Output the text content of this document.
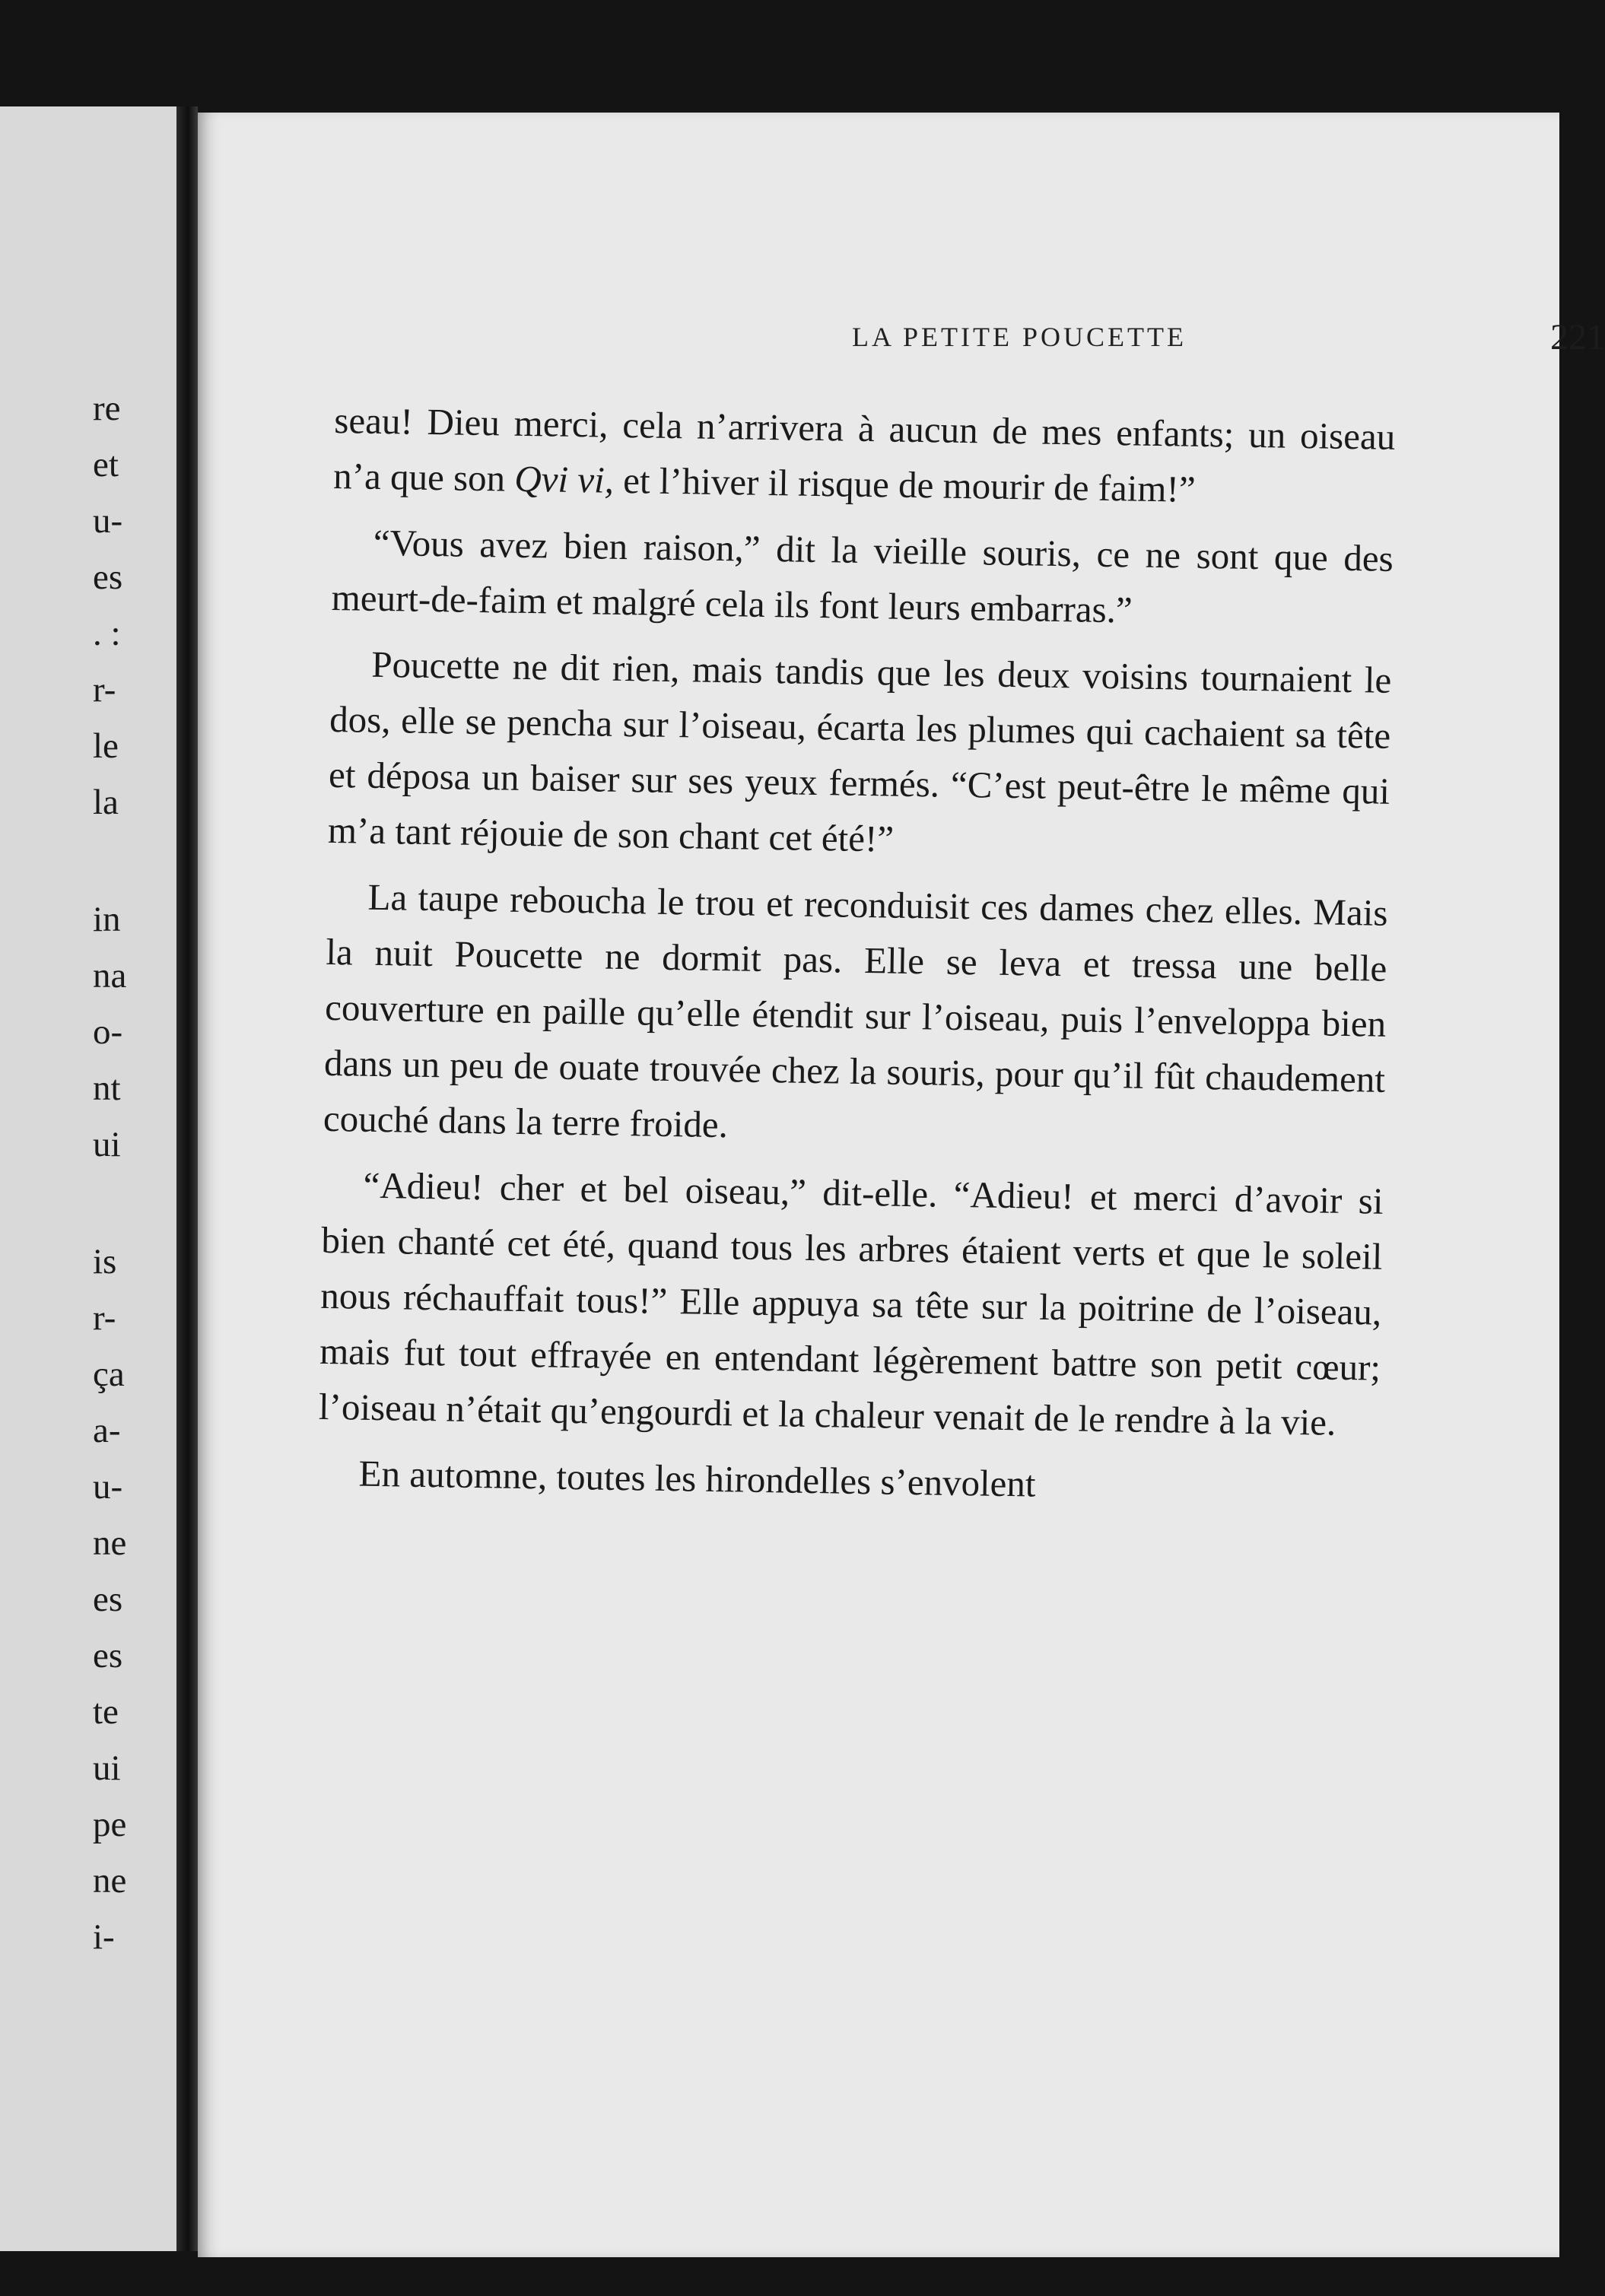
re
et
u-
es
. :
r-
le
la
in
na
o-
nt
ui
is
r-
ça
a-
u-
ne
es
es
te
ui
pe
ne
i-
LA PETITE POUCETTE	221

seau! Dieu merci, cela n’arrivera à aucun de mes enfants; un oiseau n’a que son Qvi vi, et l’hiver il risque de mourir de faim!”

“Vous avez bien raison,” dit la vieille souris, ce ne sont que des meurt-de-faim et malgré cela ils font leurs embarras.”

Poucette ne dit rien, mais tandis que les deux voisins tournaient le dos, elle se pencha sur l’oiseau, écarta les plumes qui cachaient sa tête et déposa un baiser sur ses yeux fermés. “C’est peut-être le même qui m’a tant réjouie de son chant cet été!”

La taupe reboucha le trou et reconduisit ces dames chez elles. Mais la nuit Poucette ne dormit pas. Elle se leva et tressa une belle couverture en paille qu’elle étendit sur l’oiseau, puis l’enveloppa bien dans un peu de ouate trouvée chez la souris, pour qu’il fût chaudement couché dans la terre froide.

“Adieu! cher et bel oiseau,” dit-elle. “Adieu! et merci d’avoir si bien chanté cet été, quand tous les arbres étaient verts et que le soleil nous réchauffait tous!” Elle appuya sa tête sur la poitrine de l’oiseau, mais fut tout effrayée en entendant légèrement battre son petit cœur; l’oiseau n’était qu’engourdi et la chaleur venait de le rendre à la vie.

En automne, toutes les hirondelles s’envolent
